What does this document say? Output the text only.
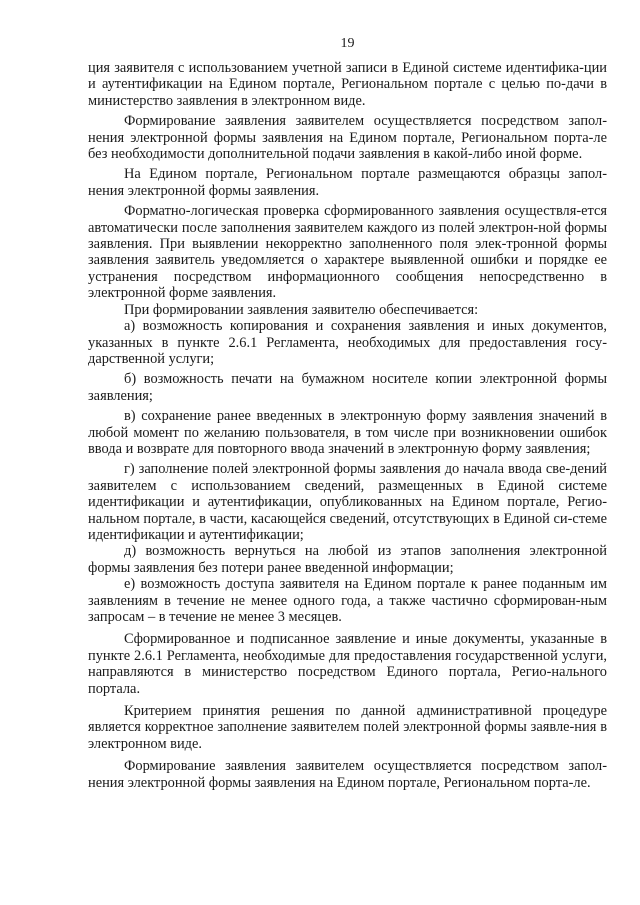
19

ция заявителя с использованием учетной записи в Единой системе идентифика-ции и аутентификации на Едином портале, Региональном портале с целью по-дачи в министерство заявления в электронном виде.

Формирование заявления заявителем осуществляется посредством запол-нения электронной формы заявления на Едином портале, Региональном порта-ле без необходимости дополнительной подачи заявления в какой-либо иной форме.

На Едином портале, Региональном портале размещаются образцы запол-нения электронной формы заявления.

Форматно-логическая проверка сформированного заявления осуществля-ется автоматически после заполнения заявителем каждого из полей электрон-ной формы заявления. При выявлении некорректно заполненного поля элек-тронной формы заявления заявитель уведомляется о характере выявленной ошибки и порядке ее устранения посредством информационного сообщения непосредственно в электронной форме заявления.

При формировании заявления заявителю обеспечивается:

а) возможность копирования и сохранения заявления и иных документов, указанных в пункте 2.6.1 Регламента, необходимых для предоставления госу-дарственной услуги;

б) возможность печати на бумажном носителе копии электронной формы заявления;

в) сохранение ранее введенных в электронную форму заявления значений в любой момент по желанию пользователя, в том числе при возникновении ошибок ввода и возврате для повторного ввода значений в электронную форму заявления;

г) заполнение полей электронной формы заявления до начала ввода све-дений заявителем с использованием сведений, размещенных в Единой системе идентификации и аутентификации, опубликованных на Едином портале, Регио-нальном портале, в части, касающейся сведений, отсутствующих в Единой си-стеме идентификации и аутентификации;

д) возможность вернуться на любой из этапов заполнения электронной формы заявления без потери ранее введенной информации;

е) возможность доступа заявителя на Едином портале к ранее поданным им заявлениям в течение не менее одного года, а также частично сформирован-ным запросам – в течение не менее 3 месяцев.

Сформированное и подписанное заявление и иные документы, указанные в пункте 2.6.1 Регламента, необходимые для предоставления государственной услуги, направляются в министерство посредством Единого портала, Регио-нального портала.

Критерием принятия решения по данной административной процедуре является корректное заполнение заявителем полей электронной формы заявле-ния в электронном виде.

Формирование заявления заявителем осуществляется посредством запол-нения электронной формы заявления на Едином портале, Региональном порта-ле.
